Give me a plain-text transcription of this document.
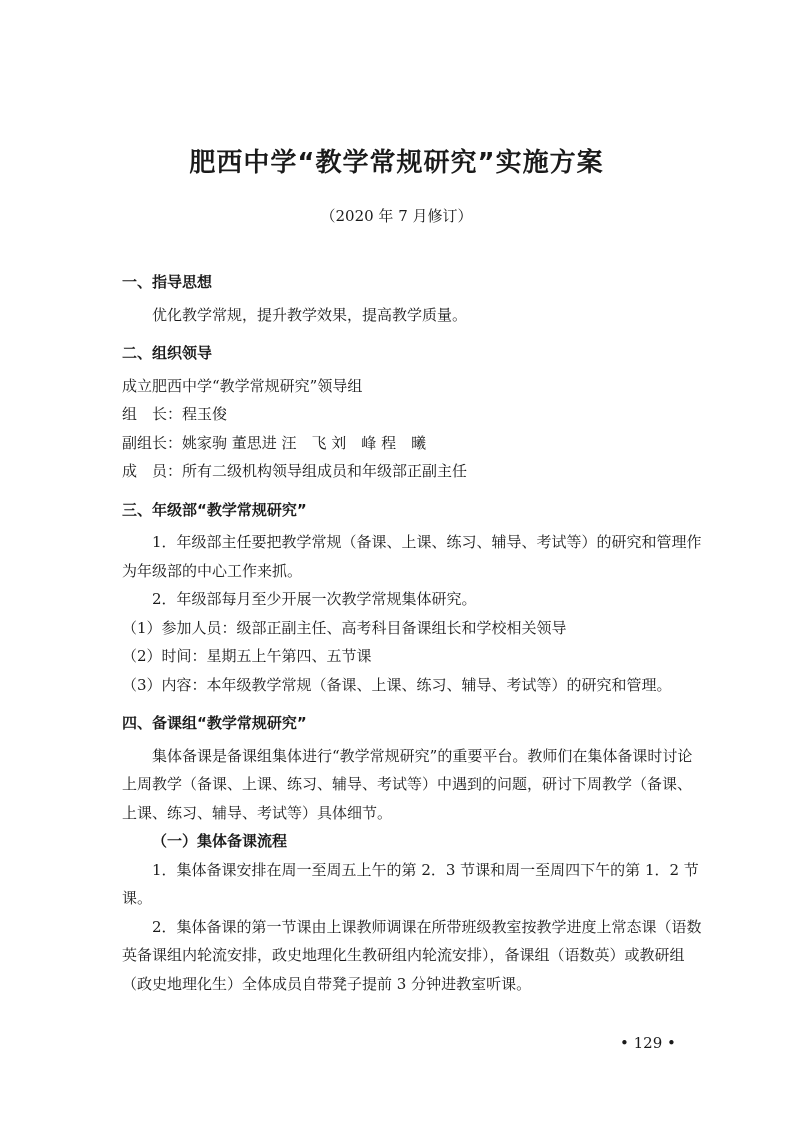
肥西中学“教学常规研究”实施方案

（2020 年 7 月修订）

一、指导思想

优化教学常规，提升教学效果，提高教学质量。

二、组织领导

成立肥西中学“教学常规研究”领导组

组　长：程玉俊

副组长：姚家驹 董思进 汪　飞 刘　峰 程　曦

成　员：所有二级机构领导组成员和年级部正副主任

三、年级部“教学常规研究”

1．年级部主任要把教学常规（备课、上课、练习、辅导、考试等）的研究和管理作为年级部的中心工作来抓。

2．年级部每月至少开展一次教学常规集体研究。

（1）参加人员：级部正副主任、高考科目备课组长和学校相关领导

（2）时间：星期五上午第四、五节课

（3）内容：本年级教学常规（备课、上课、练习、辅导、考试等）的研究和管理。

四、备课组“教学常规研究”

集体备课是备课组集体进行“教学常规研究”的重要平台。教师们在集体备课时讨论上周教学（备课、上课、练习、辅导、考试等）中遇到的问题，研讨下周教学（备课、上课、练习、辅导、考试等）具体细节。

（一）集体备课流程

1．集体备课安排在周一至周五上午的第 2．3 节课和周一至周四下午的第 1．2 节课。

2．集体备课的第一节课由上课教师调课在所带班级教室按教学进度上常态课（语数英备课组内轮流安排，政史地理化生教研组内轮流安排），备课组（语数英）或教研组（政史地理化生）全体成员自带凳子提前 3 分钟进教室听课。

• 129 •
